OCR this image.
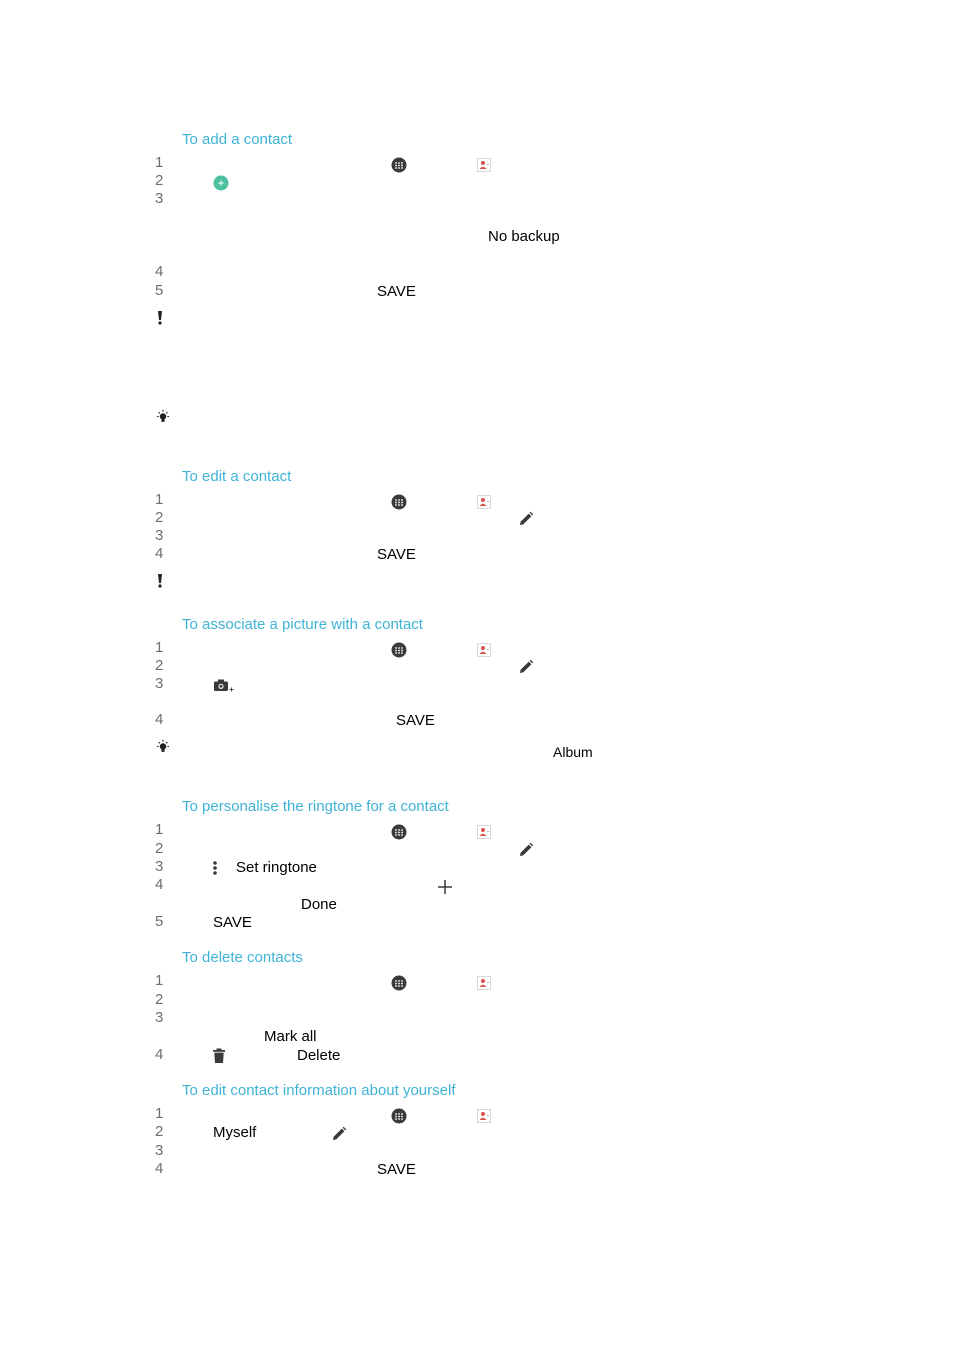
To add a contact
1
2
3
No backup
4
5	SAVE
To edit a contact
1
2
3
4	SAVE
To associate a picture with a contact
1
2
3
4	SAVE
Album
To personalise the ringtone for a contact
1
2
3	Set ringtone
4
Done
5	SAVE
To delete contacts
1
2
3
Mark all
4	Delete
To edit contact information about yourself
1
2	Myself
3
4	SAVE
